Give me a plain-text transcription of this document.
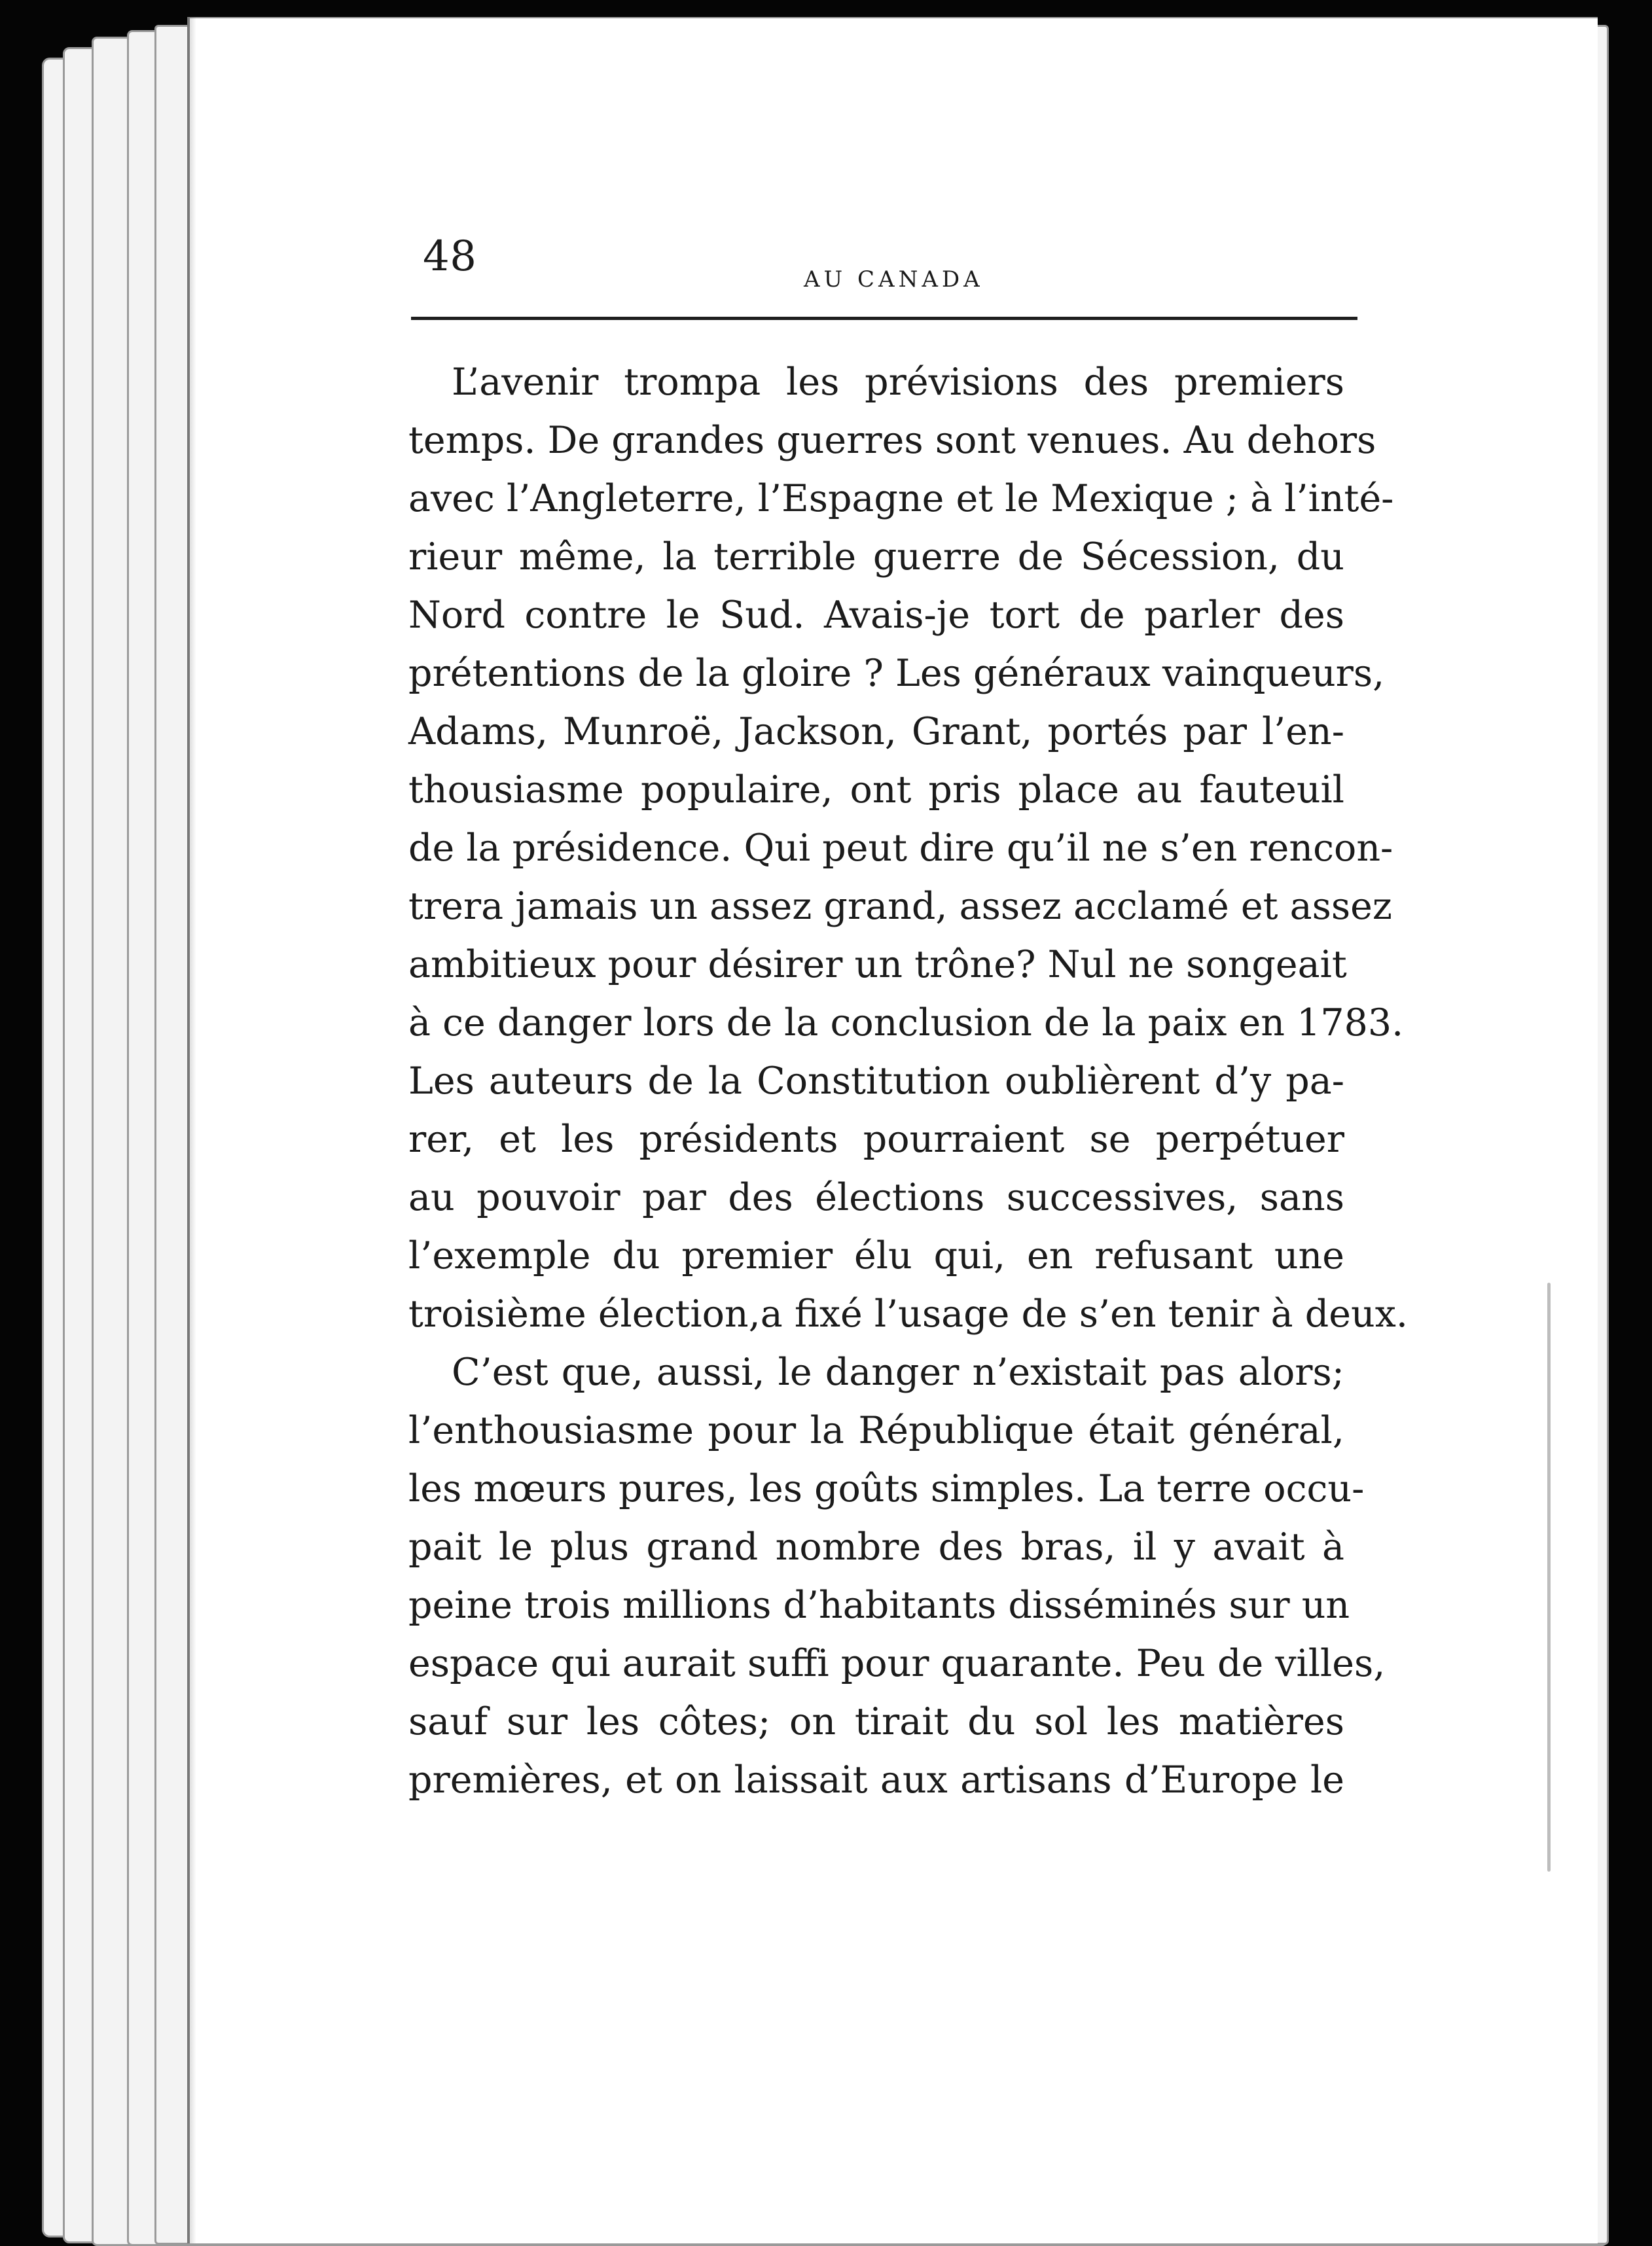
48	AU CANADA
L’avenir trompa les prévisions des premiers
temps. De grandes guerres sont venues. Au dehors
avec l’Angleterre, l’Espagne et le Mexique ; à l’inté-
rieur même, la terrible guerre de Sécession, du
Nord contre le Sud. Avais-je tort de parler des
prétentions de la gloire ? Les généraux vainqueurs,
Adams, Munroë, Jackson, Grant, portés par l’en-
thousiasme populaire, ont pris place au fauteuil
de la présidence. Qui peut dire qu’il ne s’en rencon-
trera jamais un assez grand, assez acclamé et assez
ambitieux pour désirer un trône? Nul ne songeait
à ce danger lors de la conclusion de la paix en 1783.
Les auteurs de la Constitution oublièrent d’y pa-
rer, et les présidents pourraient se perpétuer
au pouvoir par des élections successives, sans
l’exemple du premier élu qui, en refusant une
troisième élection,a fixé l’usage de s’en tenir à deux.
C’est que, aussi, le danger n’existait pas alors;
l’enthousiasme pour la République était général,
les mœurs pures, les goûts simples. La terre occu-
pait le plus grand nombre des bras, il y avait à
peine trois millions d’habitants disséminés sur un
espace qui aurait suffi pour quarante. Peu de villes,
sauf sur les côtes; on tirait du sol les matières
premières, et on laissait aux artisans d’Europe le
